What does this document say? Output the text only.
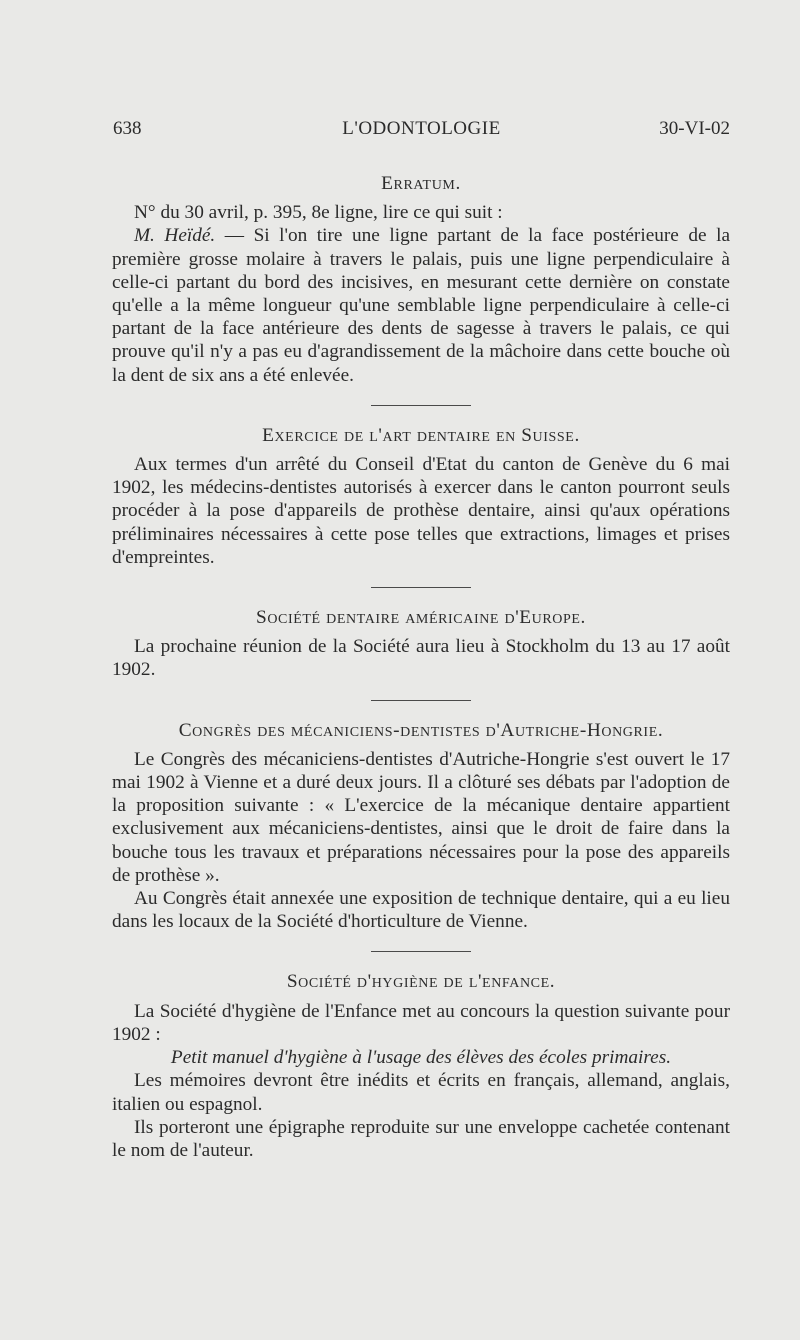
638	L'ODONTOLOGIE	30-VI-02
Erratum.

N° du 30 avril, p. 395, 8e ligne, lire ce qui suit :

M. Heïdé. — Si l'on tire une ligne partant de la face postérieure de la première grosse molaire à travers le palais, puis une ligne perpendiculaire à celle-ci partant du bord des incisives, en mesurant cette dernière on constate qu'elle a la même longueur qu'une semblable ligne perpendiculaire à celle-ci partant de la face antérieure des dents de sagesse à travers le palais, ce qui prouve qu'il n'y a pas eu d'agrandissement de la mâchoire dans cette bouche où la dent de six ans a été enlevée.

Exercice de l'art dentaire en Suisse.

Aux termes d'un arrêté du Conseil d'Etat du canton de Genève du 6 mai 1902, les médecins-dentistes autorisés à exercer dans le canton pourront seuls procéder à la pose d'appareils de prothèse dentaire, ainsi qu'aux opérations préliminaires nécessaires à cette pose telles que extractions, limages et prises d'empreintes.

Société dentaire américaine d'Europe.

La prochaine réunion de la Société aura lieu à Stockholm du 13 au 17 août 1902.

Congrès des mécaniciens-dentistes d'Autriche-Hongrie.

Le Congrès des mécaniciens-dentistes d'Autriche-Hongrie s'est ouvert le 17 mai 1902 à Vienne et a duré deux jours. Il a clôturé ses débats par l'adoption de la proposition suivante : « L'exercice de la mécanique dentaire appartient exclusivement aux mécaniciens-dentistes, ainsi que le droit de faire dans la bouche tous les travaux et préparations nécessaires pour la pose des appareils de prothèse ».

Au Congrès était annexée une exposition de technique dentaire, qui a eu lieu dans les locaux de la Société d'horticulture de Vienne.

Société d'hygiène de l'enfance.

La Société d'hygiène de l'Enfance met au concours la question suivante pour 1902 :

Petit manuel d'hygiène à l'usage des élèves des écoles primaires.

Les mémoires devront être inédits et écrits en français, allemand, anglais, italien ou espagnol.

Ils porteront une épigraphe reproduite sur une enveloppe cachetée contenant le nom de l'auteur.
